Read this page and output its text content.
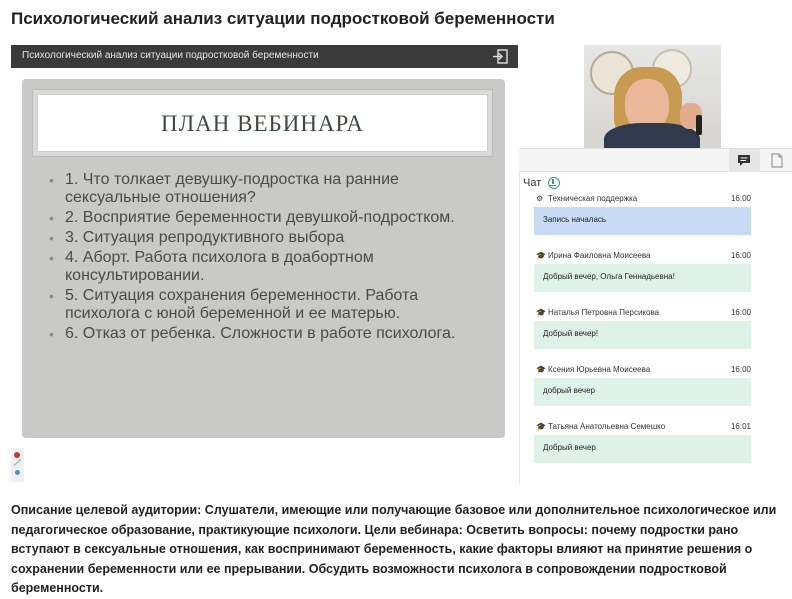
Психологический анализ ситуации подростковой беременности
Психологический анализ ситуации подростковой беременности
ПЛАН ВЕБИНАРА
• 1. Что толкает девушку-подростка на ранние сексуальные отношения?
• 2. Восприятие беременности девушкой-подростком.
• 3. Ситуация репродуктивного выбора
• 4. Аборт. Работа психолога в доабортном консультировании.
• 5. Ситуация сохранения беременности. Работа психолога с юной беременной и ее матерью.
• 6. Отказ от ребенка. Сложности в работе психолога.
Чат
⚙ Техническая поддержка	16:00
Запись началась
🎓 Ирина Фаиловна Моисеева	16:00
Добрый вечер, Ольга Геннадьевна!
🎓 Наталья Петровна Персикова	16:00
Добрый вечер!
🎓 Ксения Юрьевна Моисеева	16:00
добрый вечер
🎓 Татьяна Анатольевна Семешко	16:01
Добрый вечер
Описание целевой аудитории: Слушатели, имеющие или получающие базовое или дополнительное психологическое или педагогическое образование, практикующие психологи. Цели вебинара: Осветить вопросы: почему подростки рано вступают в сексуальные отношения, как воспринимают беременность, какие факторы влияют на принятие решения о сохранении беременности или ее прерывании. Обсудить возможности психолога в сопровождении подростковой беременности.
